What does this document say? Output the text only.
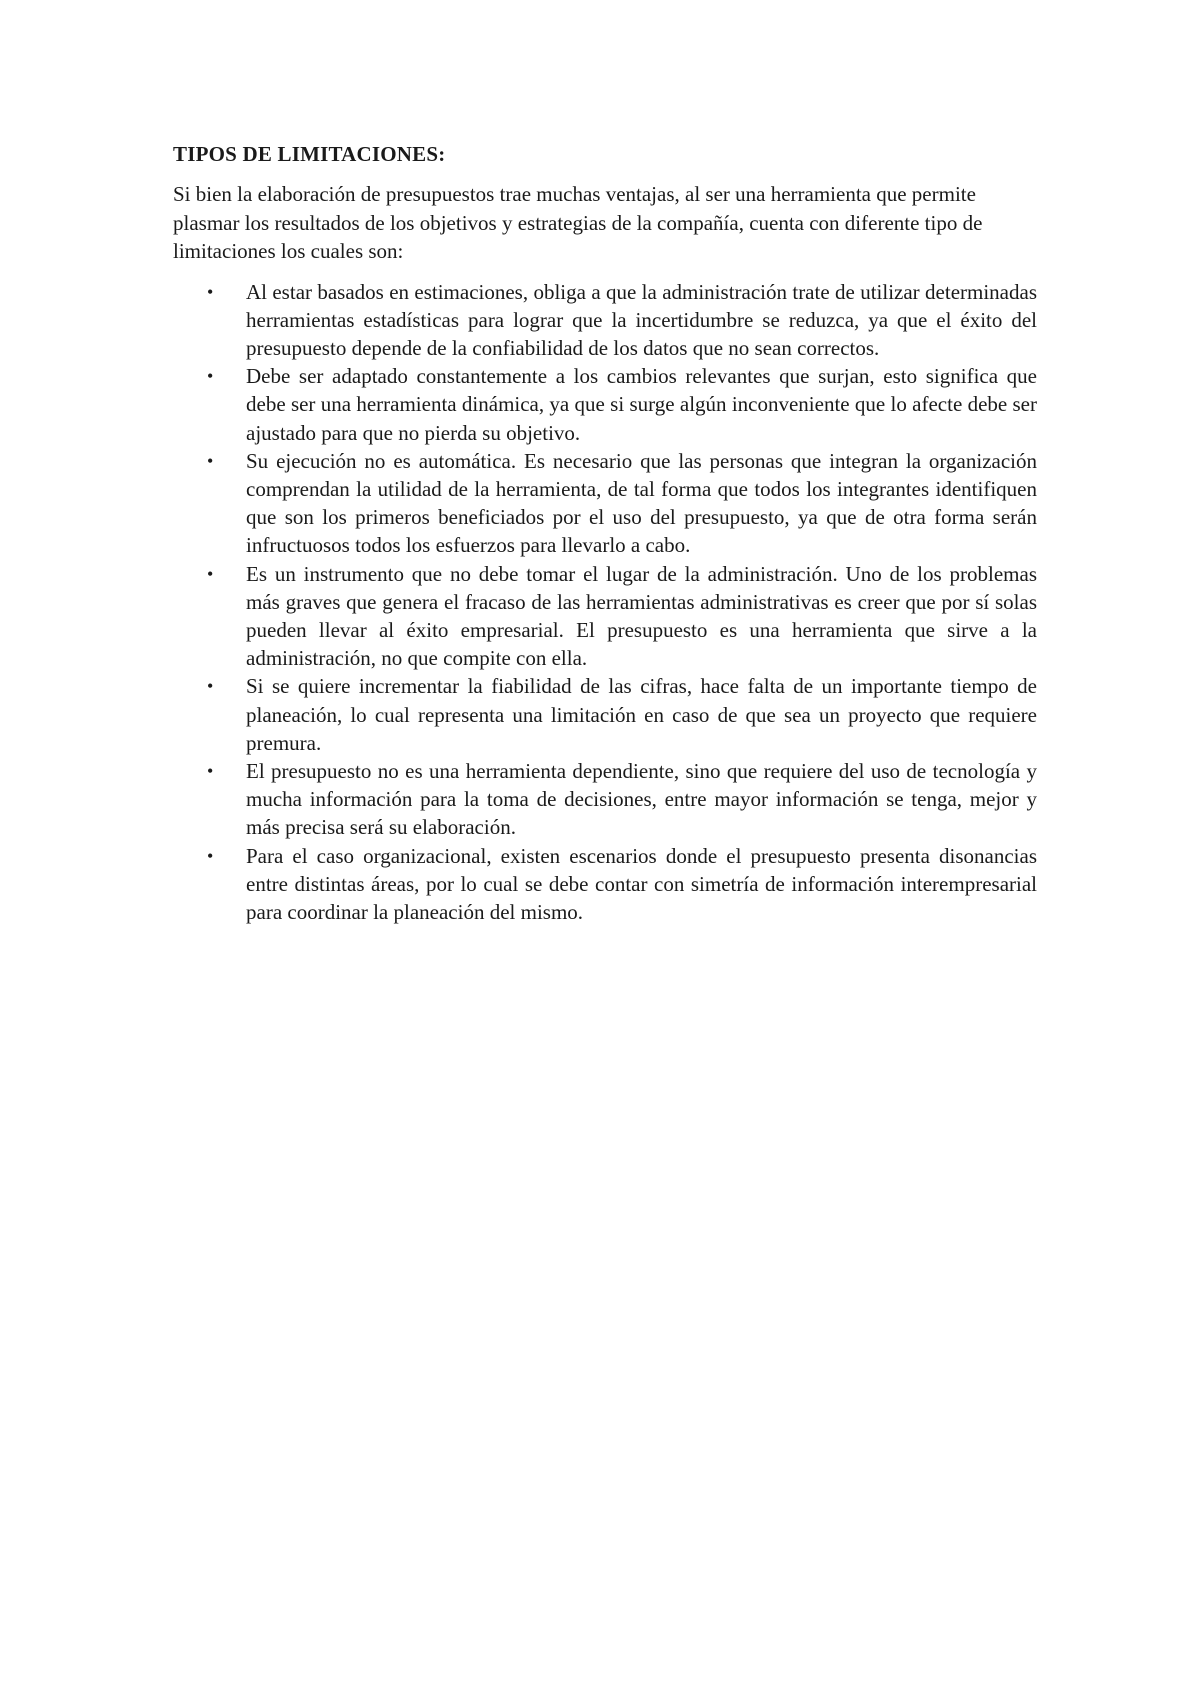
TIPOS DE LIMITACIONES:
Si bien la elaboración de presupuestos trae muchas ventajas, al ser una herramienta que permite plasmar los resultados de los objetivos y estrategias de la compañía, cuenta con diferente tipo de limitaciones los cuales son:
• Al estar basados en estimaciones, obliga a que la administración trate de utilizar determinadas herramientas estadísticas para lograr que la incertidumbre se reduzca, ya que el éxito del presupuesto depende de la confiabilidad de los datos que no sean correctos.
• Debe ser adaptado constantemente a los cambios relevantes que surjan, esto significa que debe ser una herramienta dinámica, ya que si surge algún inconveniente que lo afecte debe ser ajustado para que no pierda su objetivo.
• Su ejecución no es automática. Es necesario que las personas que integran la organización comprendan la utilidad de la herramienta, de tal forma que todos los integrantes identifiquen que son los primeros beneficiados por el uso del presupuesto, ya que de otra forma serán infructuosos todos los esfuerzos para llevarlo a cabo.
• Es un instrumento que no debe tomar el lugar de la administración. Uno de los problemas más graves que genera el fracaso de las herramientas administrativas es creer que por sí solas pueden llevar al éxito empresarial. El presupuesto es una herramienta que sirve a la administración, no que compite con ella.
• Si se quiere incrementar la fiabilidad de las cifras, hace falta de un importante tiempo de planeación, lo cual representa una limitación en caso de que sea un proyecto que requiere premura.
• El presupuesto no es una herramienta dependiente, sino que requiere del uso de tecnología y mucha información para la toma de decisiones, entre mayor información se tenga, mejor y más precisa será su elaboración.
• Para el caso organizacional, existen escenarios donde el presupuesto presenta disonancias entre distintas áreas, por lo cual se debe contar con simetría de información interempresarial para coordinar la planeación del mismo.
